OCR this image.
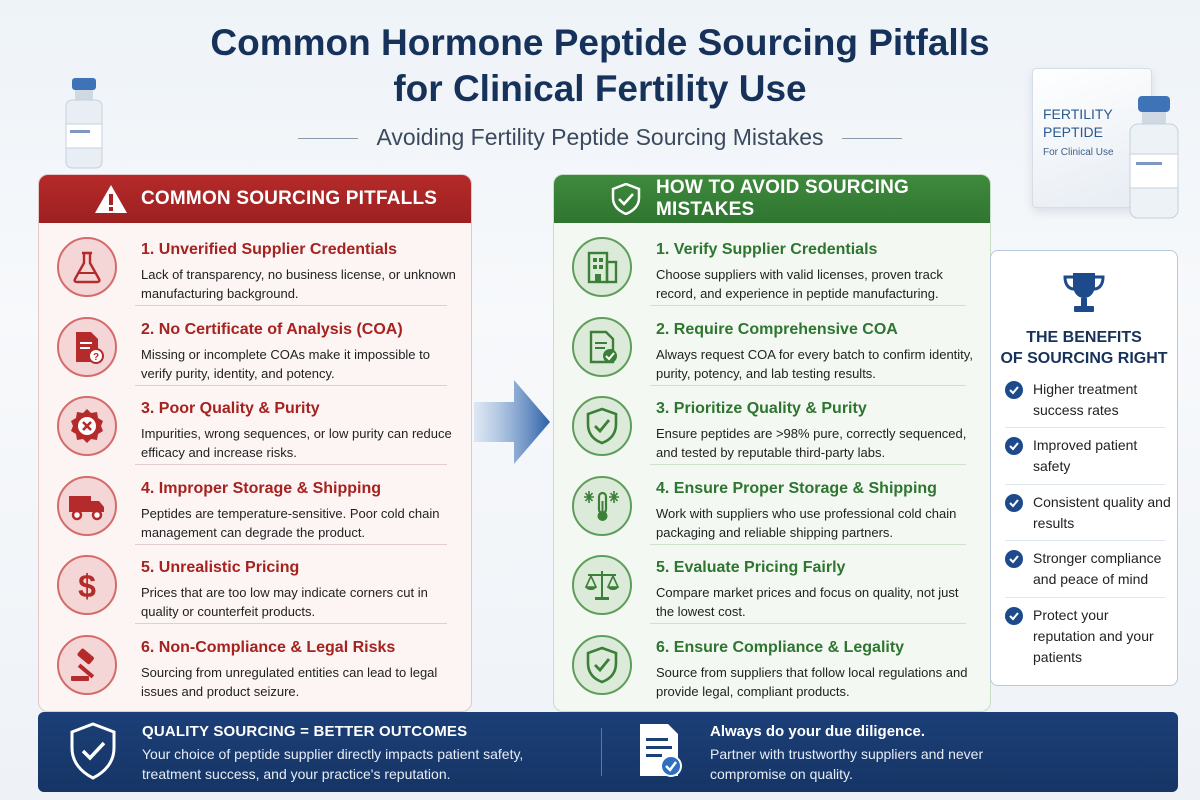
FERTILITY
PEPTIDE
For Clinical Use
Common Hormone Peptide Sourcing Pitfalls
for Clinical Fertility Use
Avoiding Fertility Peptide Sourcing Mistakes
COMMON SOURCING PITFALLS
1. Unverified Supplier Credentials
Lack of transparency, no business license, or unknown manufacturing background.
?
2. No Certificate of Analysis (COA)
Missing or incomplete COAs make it impossible to verify purity, identity, and potency.
3. Poor Quality & Purity
Impurities, wrong sequences, or low purity can reduce efficacy and increase risks.
4. Improper Storage & Shipping
Peptides are temperature-sensitive. Poor cold chain management can degrade the product.
$
5. Unrealistic Pricing
Prices that are too low may indicate corners cut in quality or counterfeit products.
6. Non-Compliance & Legal Risks
Sourcing from unregulated entities can lead to legal issues and product seizure.
HOW TO AVOID SOURCING MISTAKES
1. Verify Supplier Credentials
Choose suppliers with valid licenses, proven track record, and experience in peptide manufacturing.
2. Require Comprehensive COA
Always request COA for every batch to confirm identity, purity, potency, and lab testing results.
3. Prioritize Quality & Purity
Ensure peptides are >98% pure, correctly sequenced, and tested by reputable third-party labs.
4. Ensure Proper Storage & Shipping
Work with suppliers who use professional cold chain packaging and reliable shipping partners.
5. Evaluate Pricing Fairly
Compare market prices and focus on quality, not just the lowest cost.
6. Ensure Compliance & Legality
Source from suppliers that follow local regulations and provide legal, compliant products.
THE BENEFITS
OF SOURCING RIGHT
Higher treatment success rates
Improved patient safety
Consistent quality and results
Stronger compliance and peace of mind
Protect your reputation and your patients
QUALITY SOURCING = BETTER OUTCOMES
Your choice of peptide supplier directly impacts patient safety, treatment success, and your practice's reputation.
Always do your due diligence.
Partner with trustworthy suppliers and never compromise on quality.
